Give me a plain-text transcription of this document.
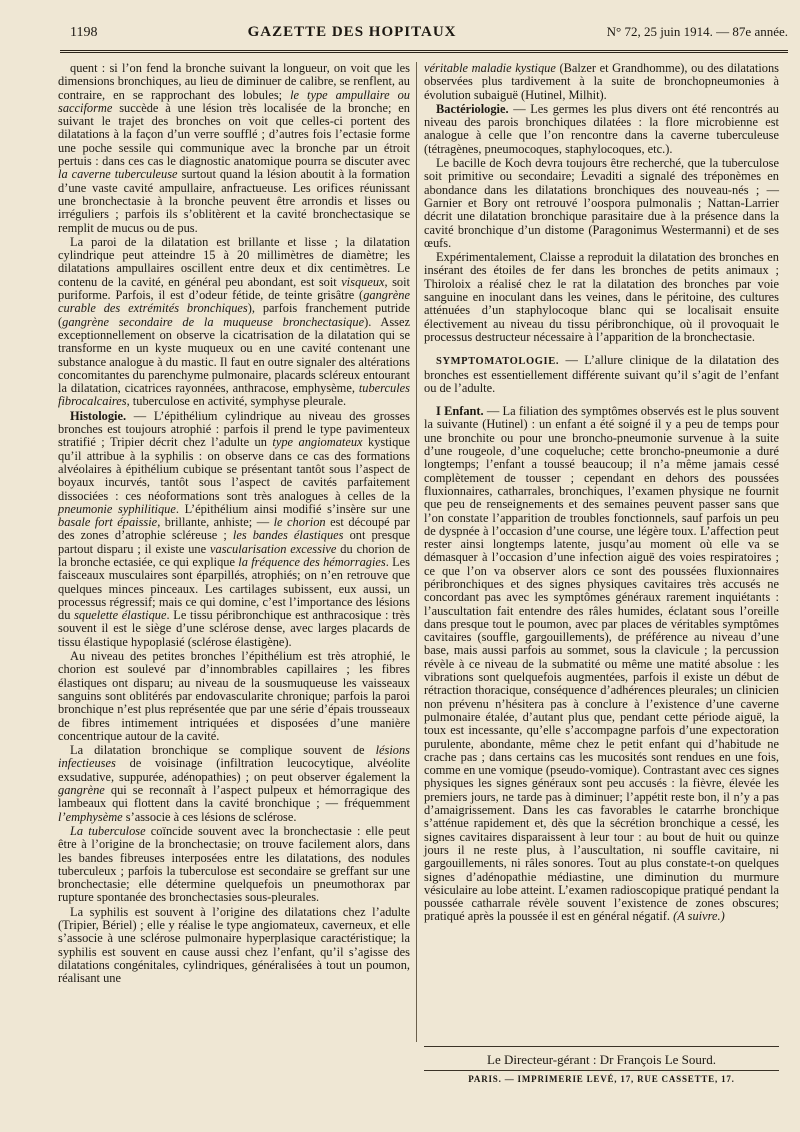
1198	GAZETTE DES HOPITAUX	N° 72, 25 juin 1914. — 87e année.

quent : si l’on fend la bronche suivant la longueur, on voit que les dimensions bronchiques, au lieu de diminuer de calibre, se renflent, au contraire, en se rapprochant des lobules; le type ampullaire ou sacciforme succède à une lésion très localisée de la bronche; en suivant le trajet des bronches on voit que celles-ci portent des dilatations à la façon d’un verre soufflé ; d’autres fois l’ectasie forme une poche sessile qui communique avec la bronche par un étroit pertuis : dans ces cas le diagnostic anatomique pourra se discuter avec la caverne tuberculeuse surtout quand la lésion aboutit à la formation d’une vaste cavité ampullaire, anfractueuse. Les orifices réunissant une bronchectasie à la bronche peuvent être arrondis et lisses ou irréguliers ; parfois ils s’oblitèrent et la cavité bronchectasique se remplit de mucus ou de pus.

La paroi de la dilatation est brillante et lisse ; la dilatation cylindrique peut atteindre 15 à 20 millimètres de diamètre; les dilatations ampullaires oscillent entre deux et dix centimètres. Le contenu de la cavité, en général peu abondant, est soit visqueux, soit puriforme. Parfois, il est d’odeur fétide, de teinte grisâtre (gangrène curable des extrémités bronchiques), parfois franchement putride (gangrène secondaire de la muqueuse bronchectasique). Assez exceptionnellement on observe la cicatrisation de la dilatation qui se transforme en un kyste muqueux ou en une cavité contenant une substance analogue à du mastic. Il faut en outre signaler des altérations concomitantes du parenchyme pulmonaire, placards scléreux entourant la dilatation, cicatrices rayonnées, anthracose, emphysème, tubercules fibrocalcaires, tuberculose en activité, symphyse pleurale.

Histologie. — L’épithélium cylindrique au niveau des grosses bronches est toujours atrophié : parfois il prend le type pavimenteux stratifié ; Tripier décrit chez l’adulte un type angiomateux kystique qu’il attribue à la syphilis : on observe dans ce cas des formations alvéolaires à épithélium cubique se présentant tantôt sous l’aspect de boyaux incurvés, tantôt sous l’aspect de cavités parfaitement dissociées : ces néoformations sont très analogues à celles de la pneumonie syphilitique. L’épithélium ainsi modifié s’insère sur une basale fort épaissie, brillante, anhiste; — le chorion est découpé par des zones d’atrophie scléreuse ; les bandes élastiques ont presque partout disparu ; il existe une vascularisation excessive du chorion de la bronche ectasiée, ce qui explique la fréquence des hémorragies. Les faisceaux musculaires sont éparpillés, atrophiés; on n’en retrouve que quelques minces pinceaux. Les cartilages subissent, eux aussi, un processus régressif; mais ce qui domine, c’est l’importance des lésions du squelette élastique. Le tissu péribronchique est anthracosique : très souvent il est le siège d’une sclérose dense, avec larges placards de tissu élastique hypoplasié (sclérose élastigène).

Au niveau des petites bronches l’épithélium est très atrophié, le chorion est soulevé par d’innombrables capillaires ; les fibres élastiques ont disparu; au niveau de la sousmuqueuse les vaisseaux sanguins sont oblitérés par endovascularite chronique; parfois la paroi bronchique n’est plus représentée que par une série d’épais trousseaux de fibres intimement intriquées et disposées d’une manière concentrique autour de la cavité.

La dilatation bronchique se complique souvent de lésions infectieuses de voisinage (infiltration leucocytique, alvéolite exsudative, suppurée, adénopathies) ; on peut observer également la gangrène qui se reconnaît à l’aspect pulpeux et hémorragique des lambeaux qui flottent dans la cavité bronchique ; — fréquemment l’emphysème s’associe à ces lésions de sclérose.

La tuberculose coïncide souvent avec la bronchectasie : elle peut être à l’origine de la bronchectasie; on trouve facilement alors, dans les bandes fibreuses interposées entre les dilatations, des nodules tuberculeux ; parfois la tuberculose est secondaire se greffant sur une bronchectasie; elle détermine quelquefois un pneumothorax par rupture spontanée des bronchectasies sous-pleurales.

La syphilis est souvent à l’origine des dilatations chez l’adulte (Tripier, Bériel) ; elle y réalise le type angiomateux, caverneux, et elle s’associe à une sclérose pulmonaire hyperplasique caractéristique; la syphilis est souvent en cause aussi chez l’enfant, qu’il s’agisse des dilatations congénitales, cylindriques, généralisées à tout un poumon, réalisant une

véritable maladie kystique (Balzer et Grandhomme), ou des dilatations observées plus tardivement à la suite de bronchopneumonies à évolution subaiguë (Hutinel, Milhit).

Bactériologie. — Les germes les plus divers ont été rencontrés au niveau des parois bronchiques dilatées : la flore microbienne est analogue à celle que l’on rencontre dans la caverne tuberculeuse (tétragènes, pneumocoques, staphylocoques, etc.).

Le bacille de Koch devra toujours être recherché, que la tuberculose soit primitive ou secondaire; Levaditi a signalé des tréponèmes en abondance dans les dilatations bronchiques des nouveau-nés ; — Garnier et Bory ont retrouvé l’oospora pulmonalis ; Nattan-Larrier décrit une dilatation bronchique parasitaire due à la présence dans la cavité bronchique d’un distome (Paragonimus Westermanni) et de ses œufs.

Expérimentalement, Claisse a reproduit la dilatation des bronches en insérant des étoiles de fer dans les bronches de petits animaux ; Thiroloix a réalisé chez le rat la dilatation des bronches par voie sanguine en inoculant dans les veines, dans le péritoine, des cultures atténuées d’un staphylocoque blanc qui se localisait ensuite électivement au niveau du tissu péribronchique, où il provoquait le processus destructeur nécessaire à l’apparition de la bronchectasie.

SYMPTOMATOLOGIE. — L’allure clinique de la dilatation des bronches est essentiellement différente suivant qu’il s’agit de l’enfant ou de l’adulte.

I Enfant. — La filiation des symptômes observés est le plus souvent la suivante (Hutinel) : un enfant a été soigné il y a peu de temps pour une bronchite ou pour une broncho-pneumonie survenue à la suite d’une rougeole, d’une coqueluche; cette broncho-pneumonie a duré longtemps; l’enfant a toussé beaucoup; il n’a même jamais cessé complètement de tousser ; cependant en dehors des poussées fluxionnaires, catharrales, bronchiques, l’examen physique ne fournit que peu de renseignements et des semaines peuvent passer sans que l’on constate l’apparition de troubles fonctionnels, sauf parfois un peu de dyspnée à l’occasion d’une course, une légère toux. L’affection peut rester ainsi longtemps latente, jusqu’au moment où elle va se démasquer à l’occasion d’une infection aiguë des voies respiratoires ; ce que l’on va observer alors ce sont des poussées fluxionnaires péribronchiques et des signes physiques cavitaires très accusés ne concordant pas avec les symptômes généraux rarement inquiétants : l’auscultation fait entendre des râles humides, éclatant sous l’oreille dans presque tout le poumon, avec par places de véritables symptômes cavitaires (souffle, gargouillements), de préférence au niveau d’une base, mais aussi parfois au sommet, sous la clavicule ; la percussion révèle à ce niveau de la submatité ou même une matité absolue : les vibrations sont quelquefois augmentées, parfois il existe un début de rétraction thoracique, conséquence d’adhérences pleurales; un clinicien non prévenu n’hésitera pas à conclure à l’existence d’une caverne pulmonaire étalée, d’autant plus que, pendant cette période aiguë, la toux est incessante, qu’elle s’accompagne parfois d’une expectoration purulente, abondante, même chez le petit enfant qui d’habitude ne crache pas ; dans certains cas les mucosités sont rendues en une fois, comme en une vomique (pseudo-vomique). Contrastant avec ces signes physiques les signes généraux sont peu accusés : la fièvre, élevée les premiers jours, ne tarde pas à diminuer; l’appétit reste bon, il n’y a pas d’amaigrissement. Dans les cas favorables le catarrhe bronchique s’atténue rapidement et, dès que la sécrétion bronchique a cessé, les signes cavitaires disparaissent à leur tour : au bout de huit ou quinze jours il ne reste plus, à l’auscultation, ni souffle cavitaire, ni gargouillements, ni râles sonores. Tout au plus constate-t-on quelques signes d’adénopathie médiastine, une diminution du murmure vésiculaire au lobe atteint. L’examen radioscopique pratiqué pendant la poussée catharrale révèle souvent l’existence de zones obscures; pratiqué après la poussée il est en général négatif. (A suivre.)

Le Directeur-gérant : Dr François Le Sourd.
PARIS. — IMPRIMERIE LEVÉ, 17, RUE CASSETTE, 17.
